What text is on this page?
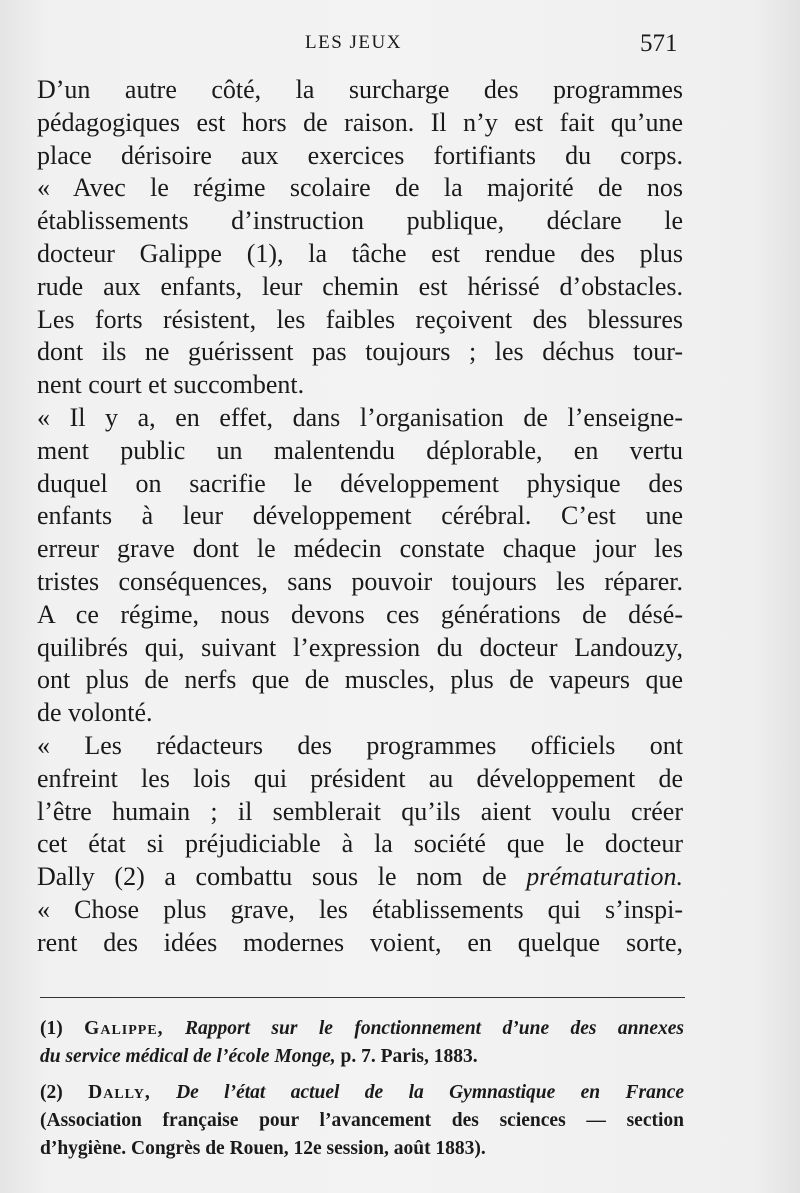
LES JEUX	571
D’un autre côté, la surcharge des programmes
pédagogiques est hors de raison. Il n’y est fait qu’une
place dérisoire aux exercices fortifiants du corps.
« Avec le régime scolaire de la majorité de nos
établissements d’instruction publique, déclare le
docteur Galippe (1), la tâche est rendue des plus
rude aux enfants, leur chemin est hérissé d’obstacles.
Les forts résistent, les faibles reçoivent des blessures
dont ils ne guérissent pas toujours ; les déchus tour-
nent court et succombent.
« Il y a, en effet, dans l’organisation de l’enseigne-
ment public un malentendu déplorable, en vertu
duquel on sacrifie le développement physique des
enfants à leur développement cérébral. C’est une
erreur grave dont le médecin constate chaque jour les
tristes conséquences, sans pouvoir toujours les réparer.
A ce régime, nous devons ces générations de désé-
quilibrés qui, suivant l’expression du docteur Landouzy,
ont plus de nerfs que de muscles, plus de vapeurs que
de volonté.
« Les rédacteurs des programmes officiels ont
enfreint les lois qui président au développement de
l’être humain ; il semblerait qu’ils aient voulu créer
cet état si préjudiciable à la société que le docteur
Dally (2) a combattu sous le nom de prématuration.
« Chose plus grave, les établissements qui s’inspi-
rent des idées modernes voient, en quelque sorte,
(1) Galippe, Rapport sur le fonctionnement d’une des annexes
du service médical de l’école Monge, p. 7. Paris, 1883.
(2) Dally, De l’état actuel de la Gymnastique en France
(Association française pour l’avancement des sciences — section
d’hygiène. Congrès de Rouen, 12e session, août 1883).
